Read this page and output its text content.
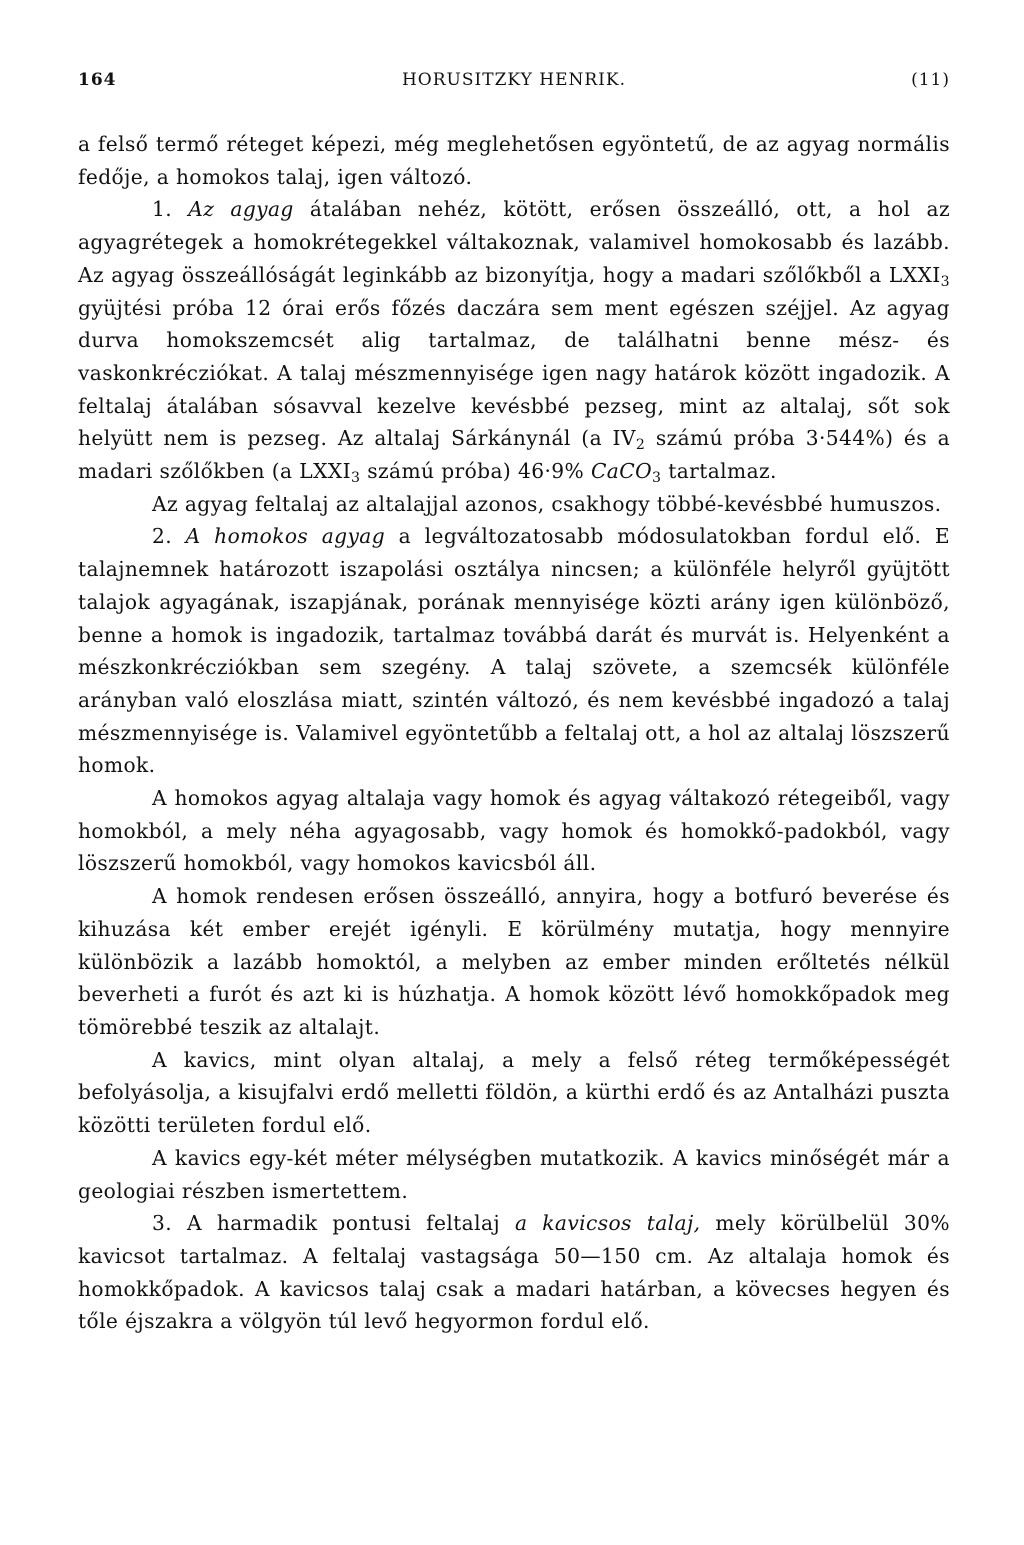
164	HORUSITZKY HENRIK.	(11)

a felső termő réteget képezi, még meglehetősen egyöntetű, de az agyag normális fedője, a homokos talaj, igen változó.

1. Az agyag átalában nehéz, kötött, erősen összeálló, ott, a hol az agyagrétegek a homokrétegekkel váltakoznak, valamivel homokosabb és lazább. Az agyag összeállóságát leginkább az bizonyítja, hogy a madari szőlőkből a $LXXI_3$ gyüjtési próba 12 órai erős főzés daczára sem ment egészen széjjel. Az agyag durva homokszemcsét alig tartalmaz, de találhatni benne mész- és vaskonkrécziókat. A talaj mészmennyisége igen nagy határok között ingadozik. A feltalaj átalában sósavval kezelve kevésbbé pezseg, mint az altalaj, sőt sok helyütt nem is pezseg. Az altalaj Sárkánynál (a $IV_2$ számú próba 3·544%) és a madari szőlőkben (a $LXXI_3$ számú próba) 46·9% CaCO$_3$ tartalmaz.

Az agyag feltalaj az altalajjal azonos, csakhogy többé-kevésbbé humuszos.

2. A homokos agyag a legváltozatosabb módosulatokban fordul elő. E talajnemnek határozott iszapolási osztálya nincsen; a különféle helyről gyüjtött talajok agyagának, iszapjának, porának mennyisége közti arány igen különböző, benne a homok is ingadozik, tartalmaz továbbá darát és murvát is. Helyenként a mészkonkrécziókban sem szegény. A talaj szövete, a szemcsék különféle arányban való eloszlása miatt, szintén változó, és nem kevésbbé ingadozó a talaj mészmennyisége is. Valamivel egyöntetűbb a feltalaj ott, a hol az altalaj löszszerű homok.

A homokos agyag altalaja vagy homok és agyag váltakozó rétegeiből, vagy homokból, a mely néha agyagosabb, vagy homok és homokkő-padokból, vagy löszszerű homokból, vagy homokos kavicsból áll.

A homok rendesen erősen összeálló, annyira, hogy a botfuró beverése és kihuzása két ember erejét igényli. E körülmény mutatja, hogy mennyire különbözik a lazább homoktól, a melyben az ember minden erőltetés nélkül beverheti a furót és azt ki is húzhatja. A homok között lévő homokkőpadok meg tömörebbé teszik az altalajt.

A kavics, mint olyan altalaj, a mely a felső réteg termőképességét befolyásolja, a kisujfalvi erdő melletti földön, a kürthi erdő és az Antalházi puszta közötti területen fordul elő.

A kavics egy-két méter mélységben mutatkozik. A kavics minőségét már a geologiai részben ismertettem.

3. A harmadik pontusi feltalaj a kavicsos talaj, mely körülbelül 30% kavicsot tartalmaz. A feltalaj vastagsága 50—150 cm. Az altalaja homok és homokkőpadok. A kavicsos talaj csak a madari határban, a kövecses hegyen és tőle éjszakra a völgyön túl levő hegyormon fordul elő.
